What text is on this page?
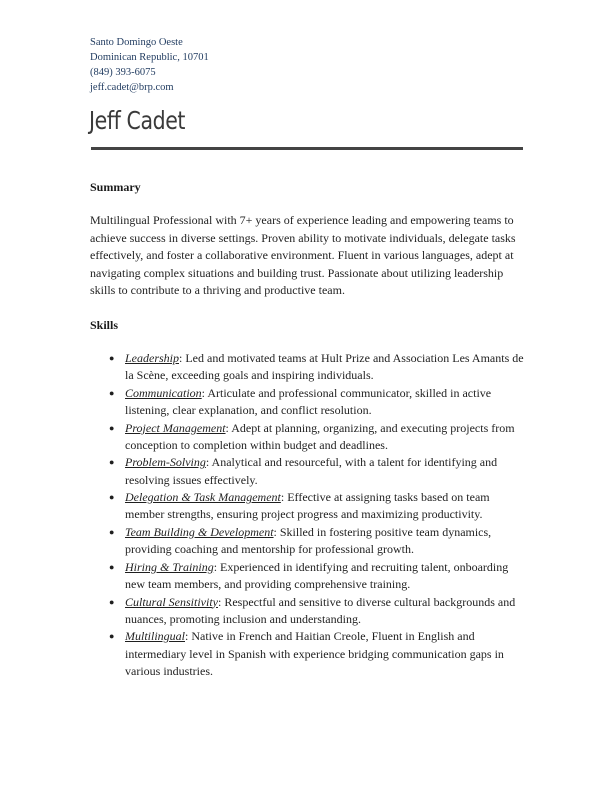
Santo Domingo Oeste
Dominican Republic, 10701
(849) 393-6075
jeff.cadet@brp.com
Jeff Cadet
Summary
Multilingual Professional with 7+ years of experience leading and empowering teams to achieve success in diverse settings. Proven ability to motivate individuals, delegate tasks effectively, and foster a collaborative environment. Fluent in various languages, adept at navigating complex situations and building trust. Passionate about utilizing leadership skills to contribute to a thriving and productive team.
Skills
● Leadership: Led and motivated teams at Hult Prize and Association Les Amants de la Scène, exceeding goals and inspiring individuals.
● Communication: Articulate and professional communicator, skilled in active listening, clear explanation, and conflict resolution.
● Project Management: Adept at planning, organizing, and executing projects from conception to completion within budget and deadlines.
● Problem-Solving: Analytical and resourceful, with a talent for identifying and resolving issues effectively.
● Delegation & Task Management: Effective at assigning tasks based on team member strengths, ensuring project progress and maximizing productivity.
● Team Building & Development: Skilled in fostering positive team dynamics, providing coaching and mentorship for professional growth.
● Hiring & Training: Experienced in identifying and recruiting talent, onboarding new team members, and providing comprehensive training.
● Cultural Sensitivity: Respectful and sensitive to diverse cultural backgrounds and nuances, promoting inclusion and understanding.
● Multilingual: Native in French and Haitian Creole, Fluent in English and intermediary level in Spanish with experience bridging communication gaps in various industries.
